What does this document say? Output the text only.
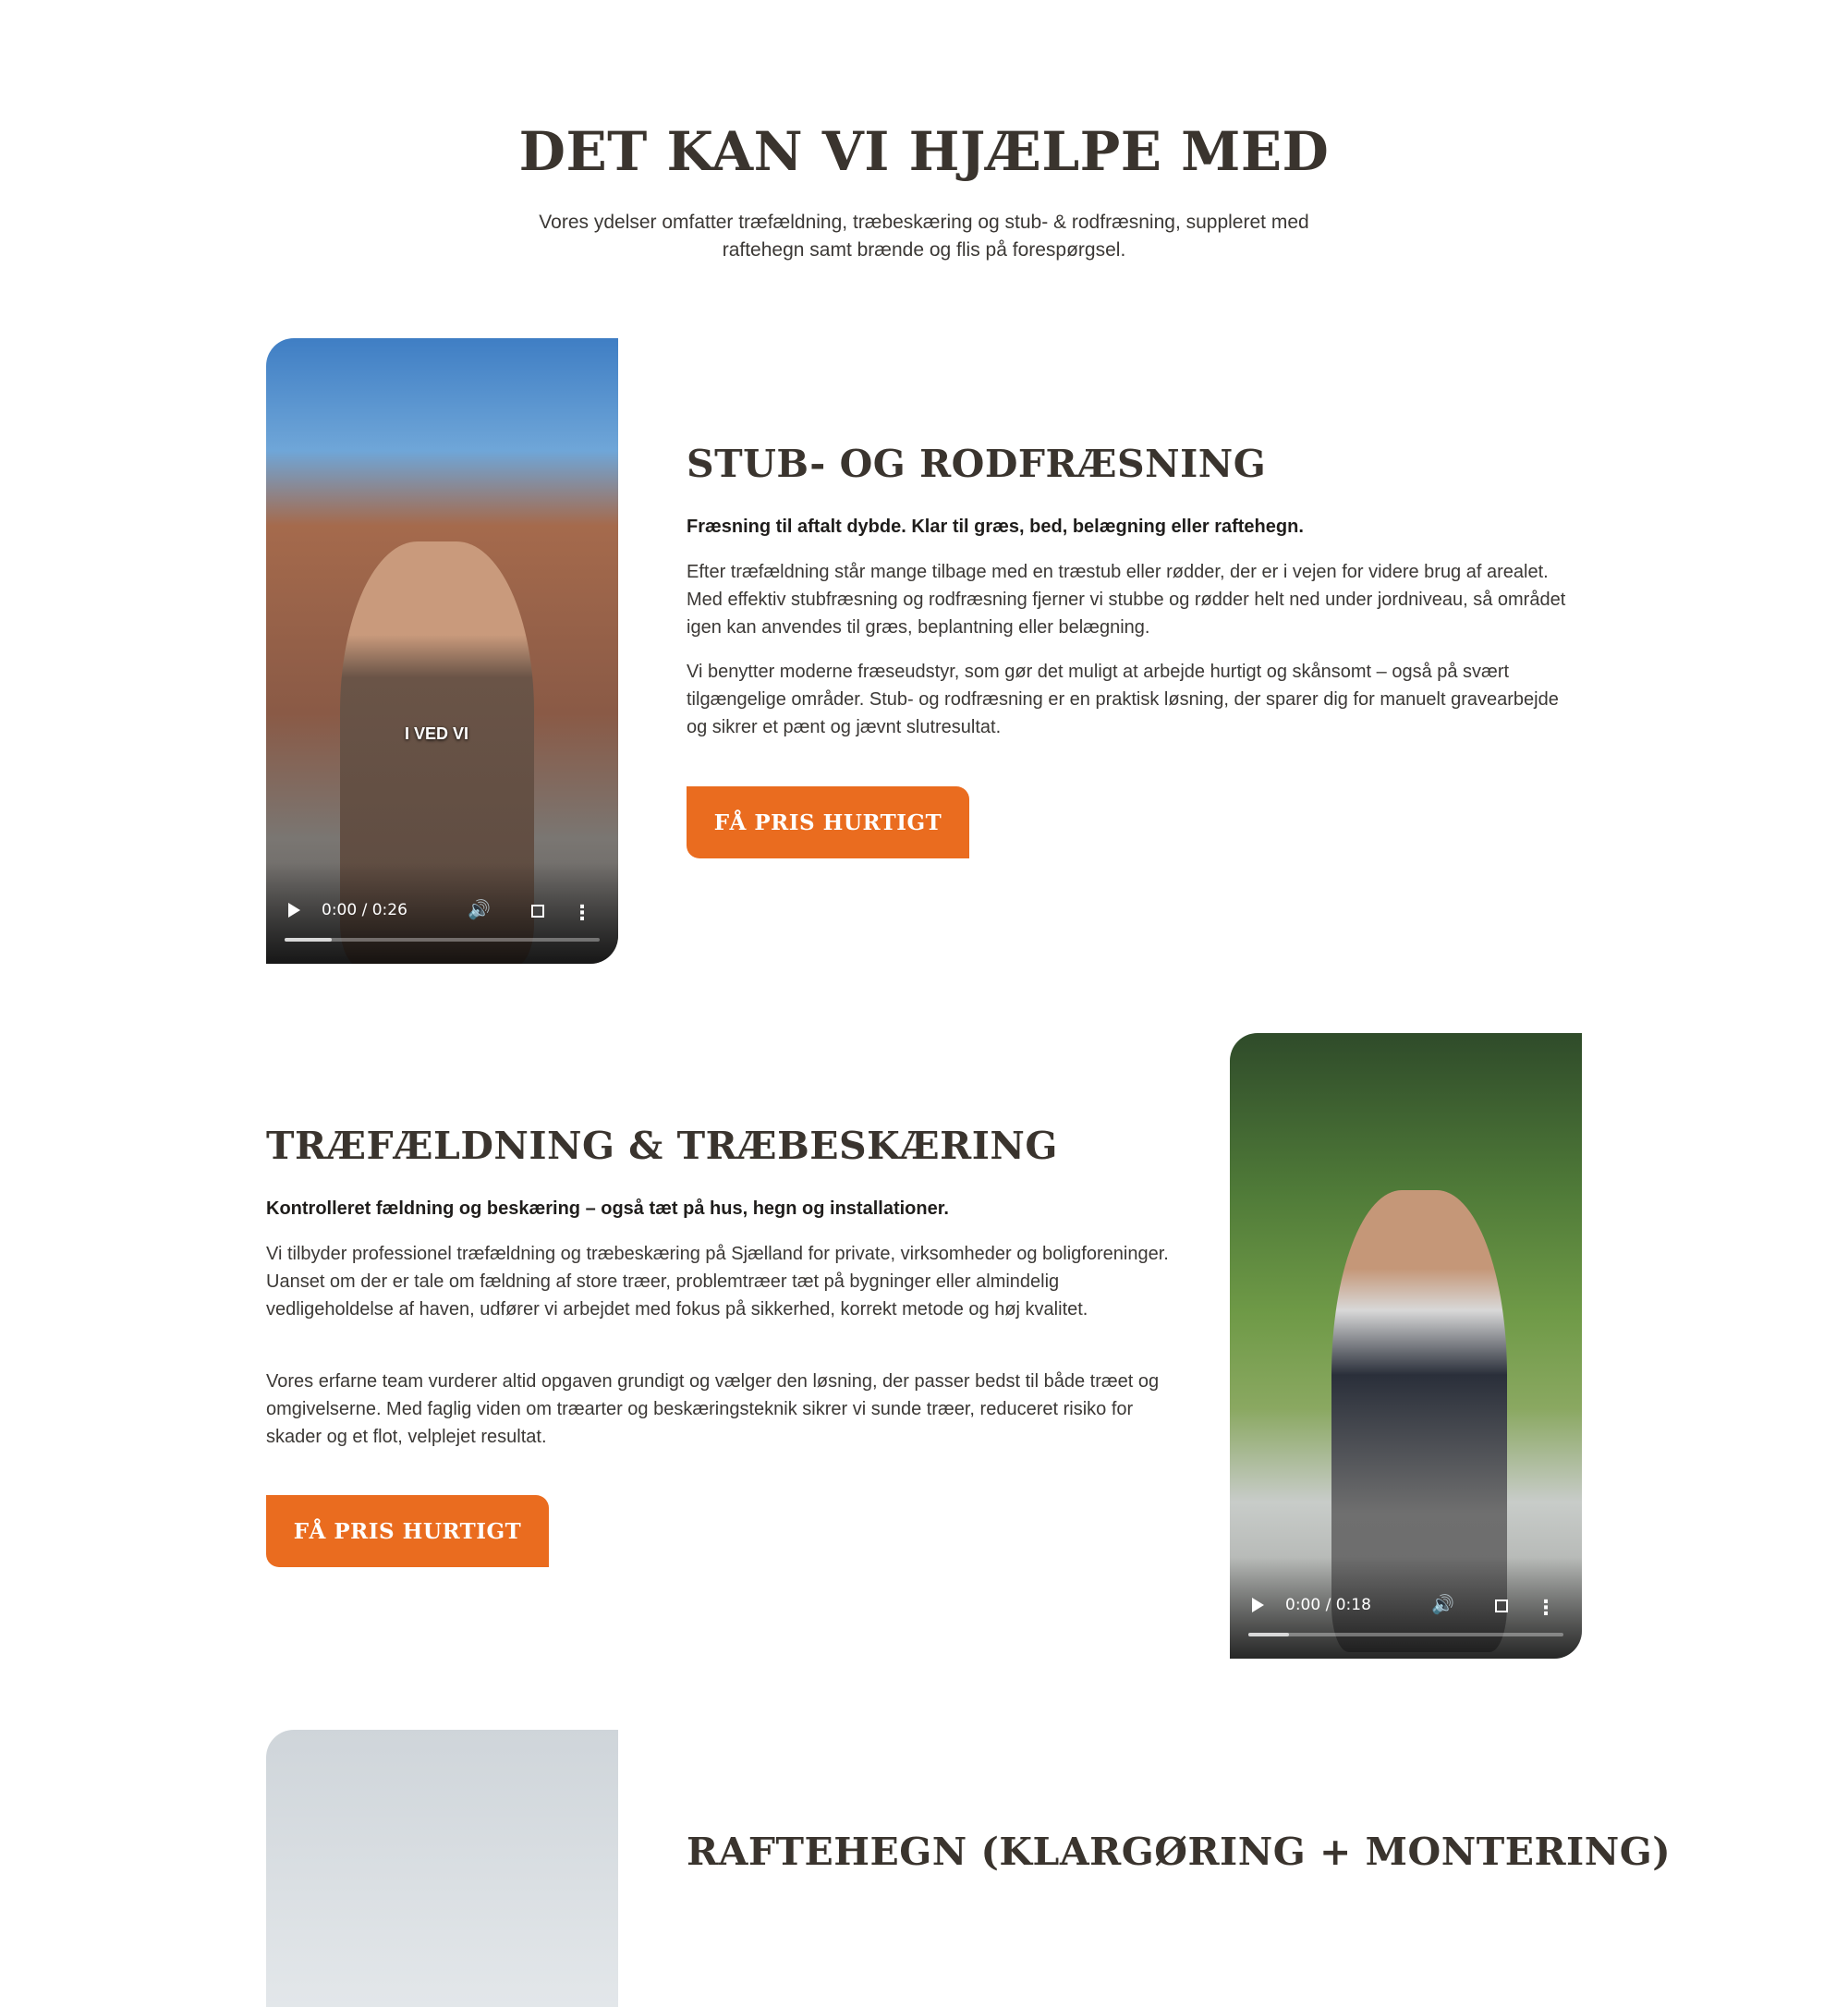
DET KAN VI HJÆLPE MED
Vores ydelser omfatter træfældning, træbeskæring og stub- & rodfræsning, suppleret med raftehegn samt brænde og flis på forespørgsel.
I VED VI
0:00 / 0:26	🔊	⋮
STUB- OG RODFRÆSNING
Fræsning til aftalt dybde. Klar til græs, bed, belægning eller raftehegn.

Efter træfældning står mange tilbage med en træstub eller rødder, der er i vejen for videre brug af arealet. Med effektiv stubfræsning og rodfræsning fjerner vi stubbe og rødder helt ned under jordniveau, så området igen kan anvendes til græs, beplantning eller belægning.

Vi benytter moderne fræseudstyr, som gør det muligt at arbejde hurtigt og skånsomt – også på svært tilgængelige områder. Stub- og rodfræsning er en praktisk løsning, der sparer dig for manuelt gravearbejde og sikrer et pænt og jævnt slutresultat.

FÅ PRIS HURTIGT
TRÆFÆLDNING & TRÆBESKÆRING
Kontrolleret fældning og beskæring – også tæt på hus, hegn og installationer.

Vi tilbyder professionel træfældning og træbeskæring på Sjælland for private, virksomheder og boligforeninger. Uanset om der er tale om fældning af store træer, problemtræer tæt på bygninger eller almindelig vedligeholdelse af haven, udfører vi arbejdet med fokus på sikkerhed, korrekt metode og høj kvalitet.

Vores erfarne team vurderer altid opgaven grundigt og vælger den løsning, der passer bedst til både træet og omgivelserne. Med faglig viden om træarter og beskæringsteknik sikrer vi sunde træer, reduceret risiko for skader og et flot, velplejet resultat.

FÅ PRIS HURTIGT
0:00 / 0:18	🔊	⋮
RAFTEHEGN (KLARGØRING + MONTERING)
